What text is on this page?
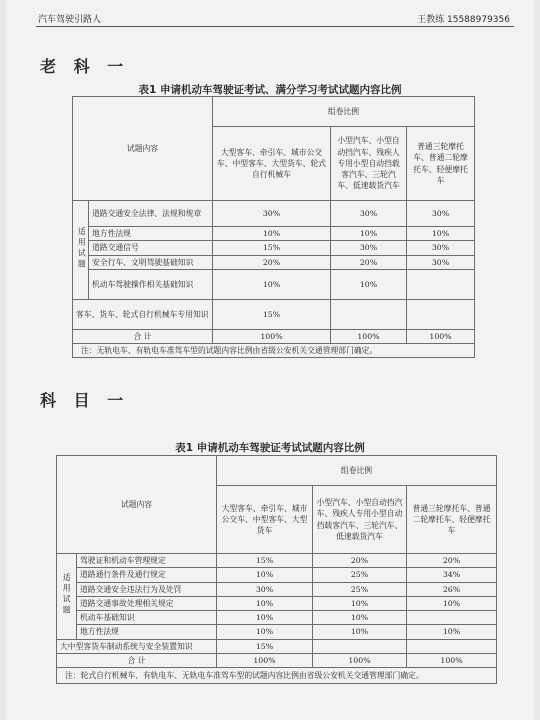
汽车驾驶引路人	王教练 15588979356
老 科 一
表1 申请机动车驾驶证考试、满分学习考试试题内容比例
试题内容		组卷比例		
		大型客车、牵引车、城市公交车、中型客车、大型货车、轮式自行机械车	小型汽车、小型自动挡汽车、残疾人专用小型自动挡载客汽车、三轮汽车、低速载货汽车	普通三轮摩托车、普通二轮摩托车、轻便摩托车
适用试题	道路交通安全法律、法规和规章	30%	30%	30%
	地方性法规	10%	10%	10%
	道路交通信号	15%	30%	30%
	安全行车、文明驾驶基础知识	20%	20%	30%
	机动车驾驶操作相关基础知识	10%	10%	
客车、货车、轮式自行机械车专用知识		15%		
合 计		100%	100%	100%
注：无轨电车、有轨电车准驾车型的试题内容比例由省级公安机关交通管理部门确定。				
科 目 一
表1 申请机动车驾驶证考试试题内容比例
试题内容		组卷比例		
		大型客车、牵引车、城市公交车、中型客车、大型货车	小型汽车、小型自动挡汽车、残疾人专用小型自动挡载客汽车、三轮汽车、低速载货汽车	普通三轮摩托车、普通二轮摩托车、轻便摩托车
适用试题	驾驶证和机动车管理规定	15%	20%	20%
	道路通行条件及通行规定	10%	25%	34%
	道路交通安全违法行为及处罚	30%	25%	26%
	道路交通事故处理相关规定	10%	10%	10%
	机动车基础知识	10%	10%	
	地方性法规	10%	10%	10%
大中型客货车制动系统与安全装置知识		15%		
合 计		100%	100%	100%
注：轮式自行机械车、有轨电车、无轨电车准驾车型的试题内容比例由省级公安机关交通管理部门确定。				
